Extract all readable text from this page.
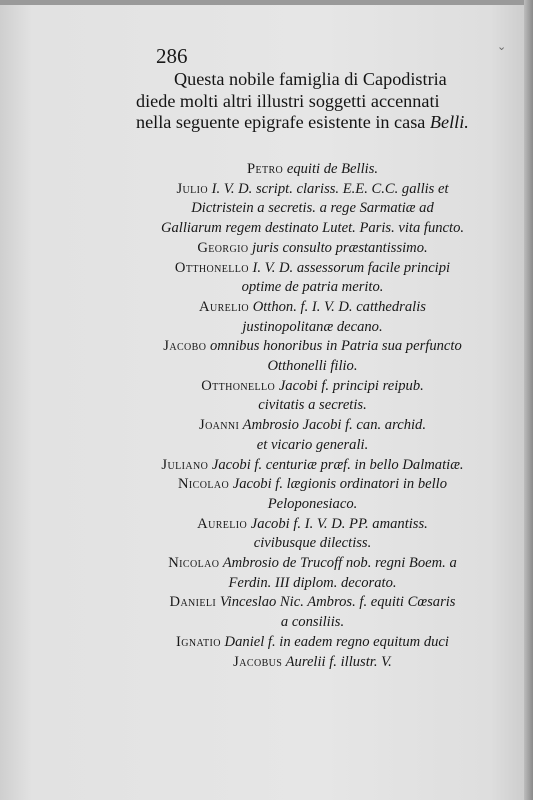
⌄
286
Questa nobile famiglia di Capodistria
diede molti altri illustri soggetti accennati
nella seguente epigrafe esistente in casa Belli.
Petro equiti de Bellis.
Julio I. V. D. script. clariss. E.E. C.C. gallis et
Dictristein a secretis. a rege Sarmatiæ ad
Galliarum regem destinato Lutet. Paris. vita functo.
Georgio juris consulto præstantissimo.
Otthonello I. V. D. assessorum facile principi
optime de patria merito.
Aurelio Otthon. f. I. V. D. catthedralis
justinopolitanæ decano.
Jacobo omnibus honoribus in Patria sua perfuncto
Otthonelli filio.
Otthonello Jacobi f. principi reipub.
civitatis a secretis.
Joanni Ambrosio Jacobi f. can. archid.
et vicario generali.
Juliano Jacobi f. centuriæ præf. in bello Dalmatiæ.
Nicolao Jacobi f. lægionis ordinatori in bello
Peloponesiaco.
Aurelio Jacobi f. I. V. D. PP. amantiss.
civibusque dilectiss.
Nicolao Ambrosio de Trucoff nob. regni Boem. a
Ferdin. III diplom. decorato.
Danieli Vinceslao Nic. Ambros. f. equiti Cœsaris
a consiliis.
Ignatio Daniel f. in eadem regno equitum duci
Jacobus Aurelii f. illustr. V.
